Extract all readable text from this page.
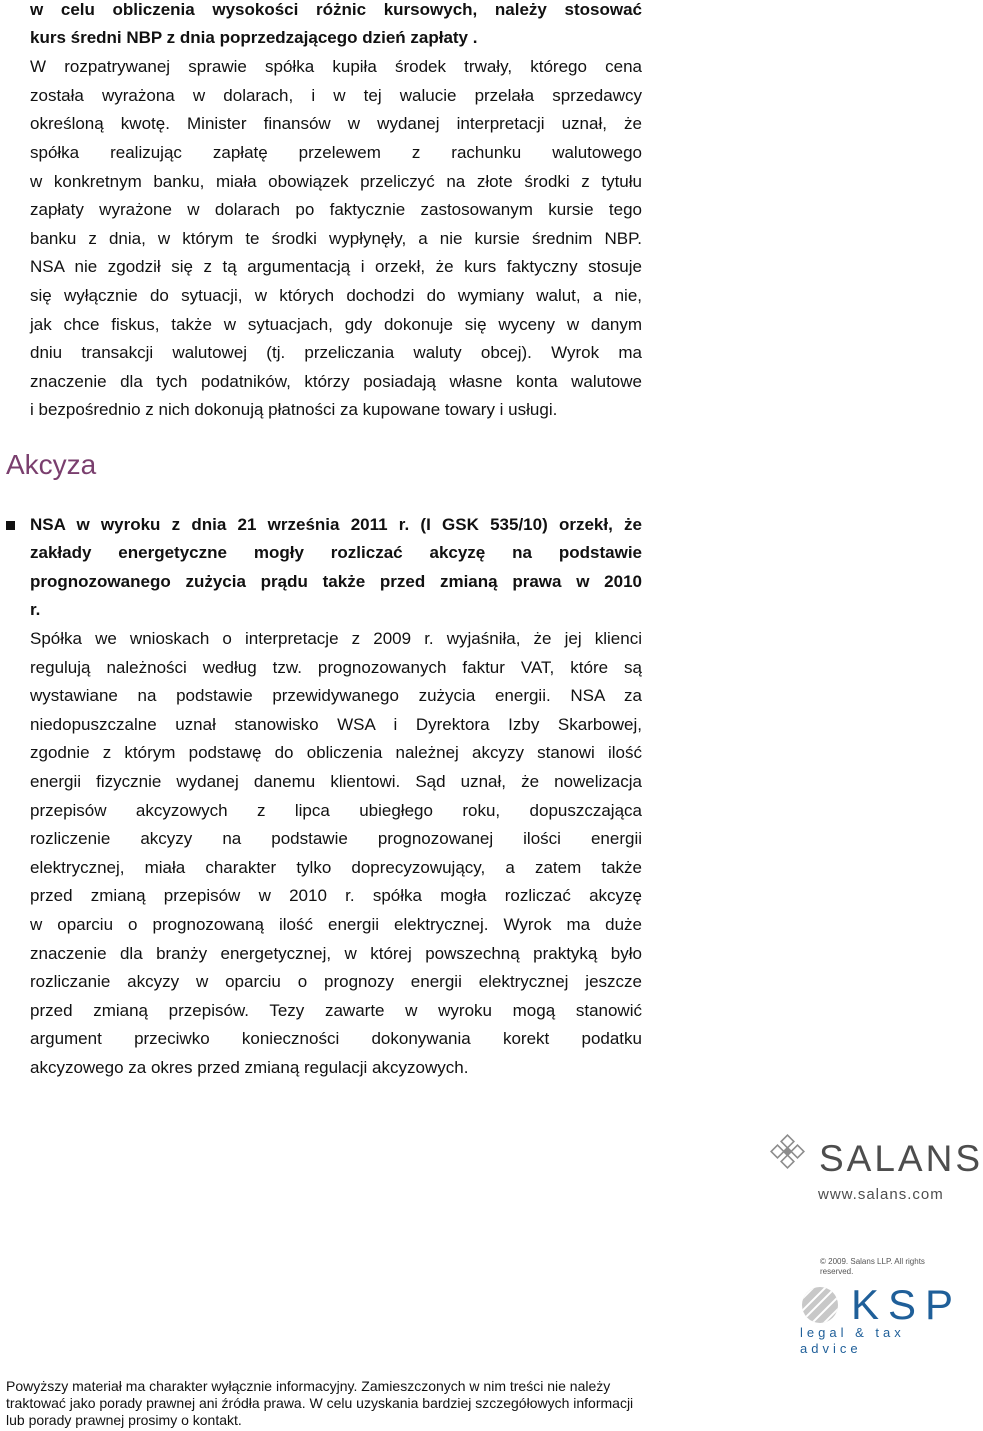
w celu obliczenia wysokości różnic kursowych, należy stosować
kurs średni NBP z dnia poprzedzającego dzień zapłaty .
W rozpatrywanej sprawie spółka kupiła środek trwały, którego cena
została wyrażona w dolarach, i w tej walucie przelała sprzedawcy
określoną kwotę. Minister finansów w wydanej interpretacji uznał, że
spółka realizując zapłatę przelewem z rachunku walutowego
w konkretnym banku, miała obowiązek przeliczyć na złote środki z tytułu
zapłaty wyrażone w dolarach po faktycznie zastosowanym kursie tego
banku z dnia, w którym te środki wypłynęły, a nie kursie średnim NBP.
NSA nie zgodził się z tą argumentacją i orzekł, że kurs faktyczny stosuje
się wyłącznie do sytuacji, w których dochodzi do wymiany walut, a nie,
jak chce fiskus, także w sytuacjach, gdy dokonuje się wyceny w danym
dniu transakcji walutowej (tj. przeliczania waluty obcej). Wyrok ma
znaczenie dla tych podatników, którzy posiadają własne konta walutowe
i bezpośrednio z nich dokonują płatności za kupowane towary i usługi.
Akcyza
NSA w wyroku z dnia 21 września 2011 r. (I GSK 535/10) orzekł, że
zakłady energetyczne mogły rozliczać akcyzę na podstawie
prognozowanego zużycia prądu także przed zmianą prawa w 2010
r.
Spółka we wnioskach o interpretacje z 2009 r. wyjaśniła, że jej klienci
regulują należności według tzw. prognozowanych faktur VAT, które są
wystawiane na podstawie przewidywanego zużycia energii. NSA za
niedopuszczalne uznał stanowisko WSA i Dyrektora Izby Skarbowej,
zgodnie z którym podstawę do obliczenia należnej akcyzy stanowi ilość
energii fizycznie wydanej danemu klientowi. Sąd uznał, że nowelizacja
przepisów akcyzowych z lipca ubiegłego roku, dopuszczająca
rozliczenie akcyzy na podstawie prognozowanej ilości energii
elektrycznej, miała charakter tylko doprecyzowujący, a zatem także
przed zmianą przepisów w 2010 r. spółka mogła rozliczać akcyzę
w oparciu o prognozowaną ilość energii elektrycznej. Wyrok ma duże
znaczenie dla branży energetycznej, w której powszechną praktyką było
rozliczanie akcyzy w oparciu o prognozy energii elektrycznej jeszcze
przed zmianą przepisów. Tezy zawarte w wyroku mogą stanowić
argument przeciwko konieczności dokonywania korekt podatku
akcyzowego za okres przed zmianą regulacji akcyzowych.
SALANS
www.salans.com
© 2009. Salans LLP. All rights reserved.
KSP
legal & tax advice
Powyższy materiał ma charakter wyłącznie informacyjny. Zamieszczonych w nim treści nie należy
traktować jako porady prawnej ani źródła prawa. W celu uzyskania bardziej szczegółowych informacji
lub porady prawnej prosimy o kontakt.
